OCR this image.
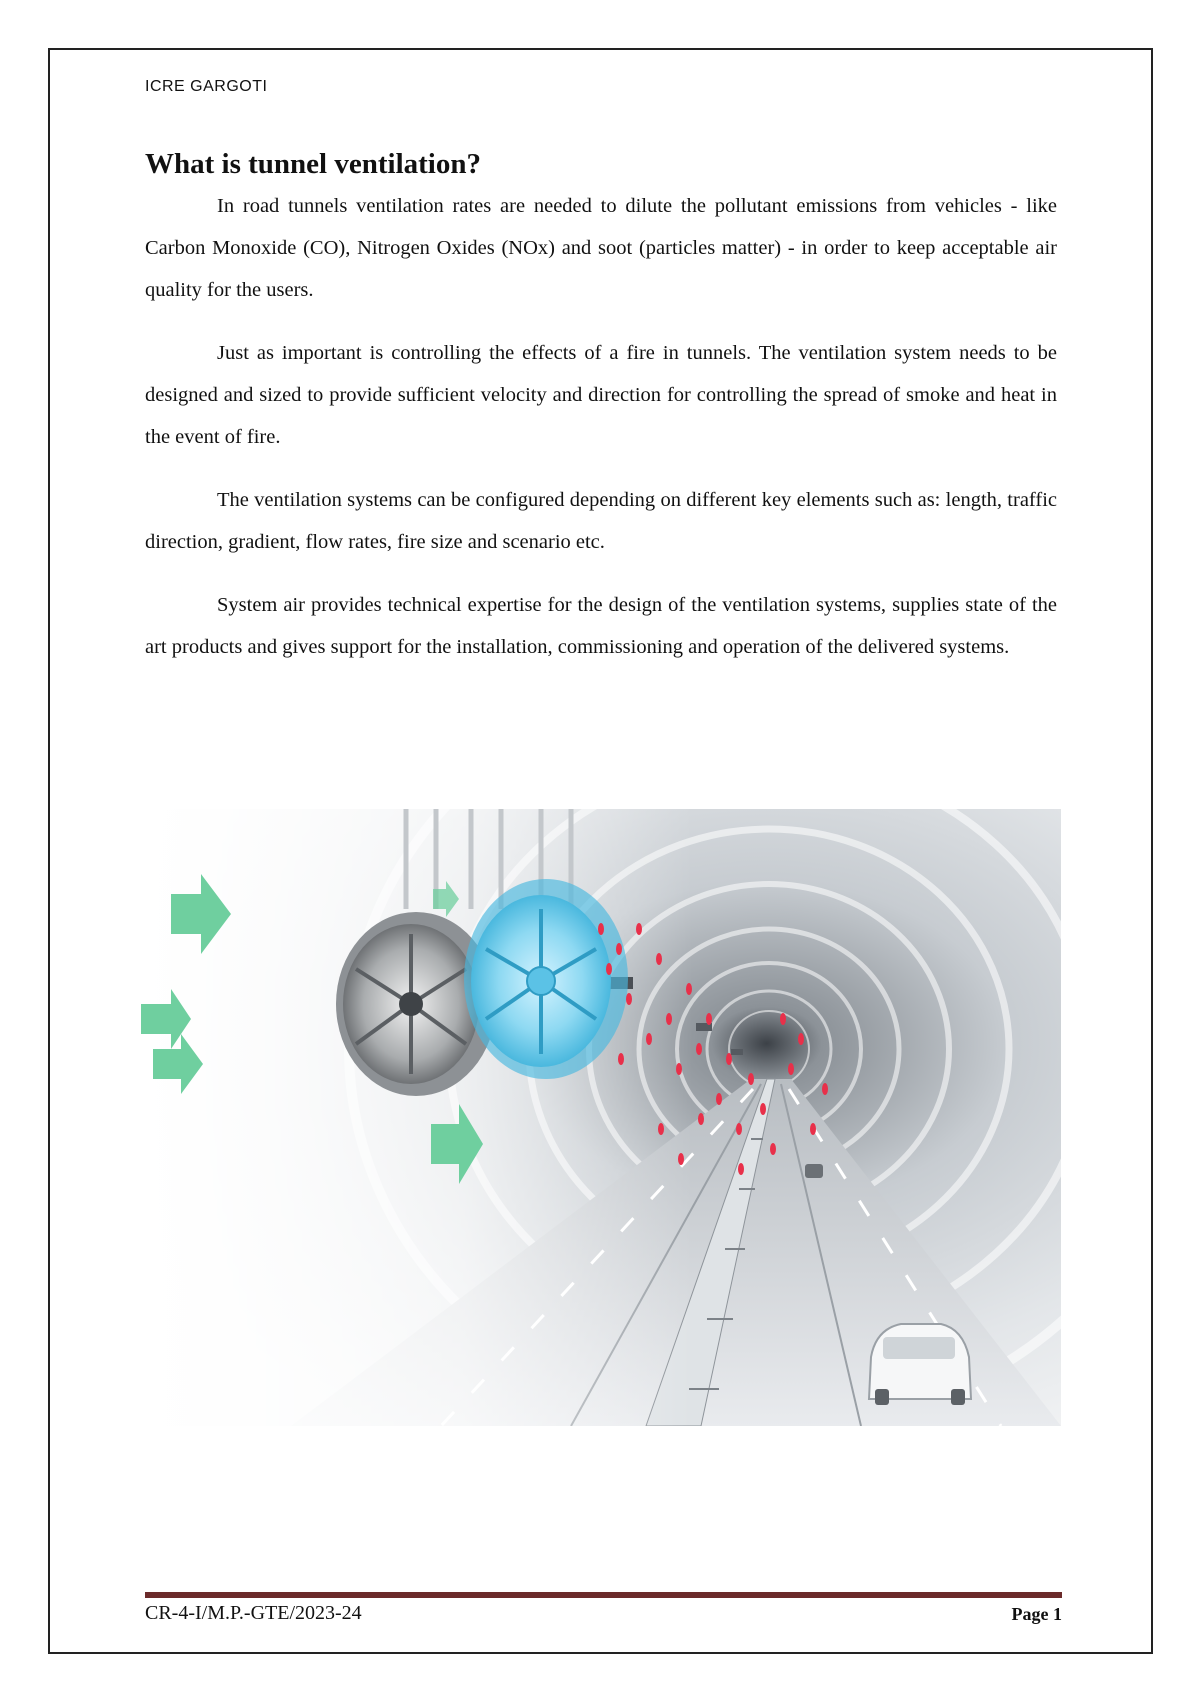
ICRE GARGOTI
What is tunnel ventilation?

In road tunnels ventilation rates are needed to dilute the pollutant emissions from vehicles - like Carbon Monoxide (CO), Nitrogen Oxides (NOx) and soot (particles matter) - in order to keep acceptable air quality for the users.

Just as important is controlling the effects of a fire in tunnels. The ventilation system needs to be designed and sized to provide sufficient velocity and direction for controlling the spread of smoke and heat in the event of fire.

The ventilation systems can be configured depending on different key elements such as: length, traffic direction, gradient, flow rates, fire size and scenario etc.

System air provides technical expertise for the design of the ventilation systems, supplies state of the art products and gives support for the installation, commissioning and operation of the delivered systems.

CR-4-I/M.P.-GTE/2023-24	Page 1
